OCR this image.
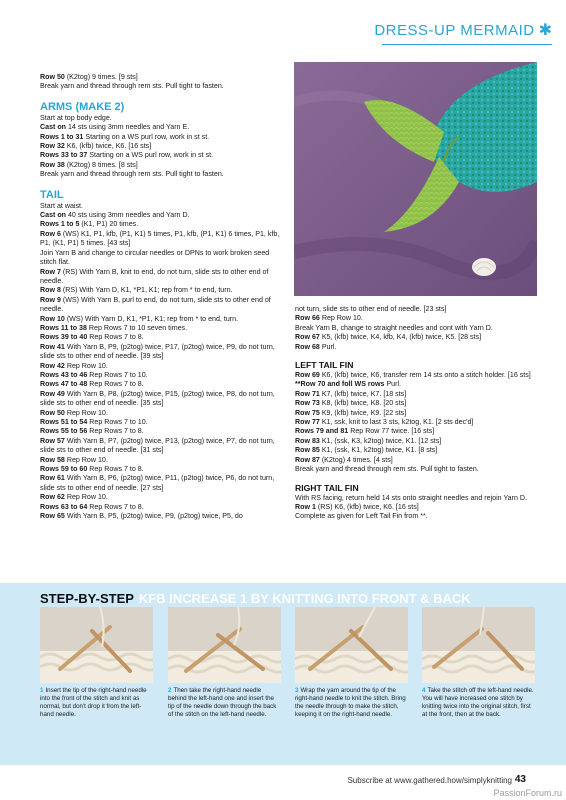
DRESS-UP MERMAID ✱

Row 50 (K2tog) 9 times. [9 sts]

Break yarn and thread through rem sts. Pull tight to fasten.

ARMS (MAKE 2)

Start at top body edge.

Cast on 14 sts using 3mm needles and Yarn E.

Rows 1 to 31 Starting on a WS purl row, work in st st.

Row 32 K6, (kfb) twice, K6. [16 sts]

Rows 33 to 37 Starting on a WS purl row, work in st st.

Row 38 (K2tog) 8 times. [8 sts]

Break yarn and thread through rem sts. Pull tight to fasten.

TAIL

Start at waist.

Cast on 40 sts using 3mm needles and Yarn D.

Rows 1 to 5 (K1, P1) 20 times.

Row 6 (WS) K1, P1, kfb, (P1, K1) 5 times, P1, kfb, (P1, K1) 6 times, P1, kfb, P1, (K1, P1) 5 times. [43 sts]

Join Yarn B and change to circular needles or DPNs to work broken seed stitch flat.

Row 7 (RS) With Yarn B, knit to end, do not turn, slide sts to other end of needle.

Row 8 (RS) With Yarn D, K1, *P1, K1; rep from * to end, turn.

Row 9 (WS) With Yarn B, purl to end, do not turn, slide sts to other end of needle.

Row 10 (WS) With Yarn D, K1, *P1, K1; rep from * to end, turn.

Rows 11 to 38 Rep Rows 7 to 10 seven times.

Rows 39 to 40 Rep Rows 7 to 8.

Row 41 With Yarn B, P9, (p2tog) twice, P17, (p2tog) twice, P9, do not turn, slide sts to other end of needle. [39 sts]

Row 42 Rep Row 10.

Rows 43 to 46 Rep Rows 7 to 10.

Rows 47 to 48 Rep Rows 7 to 8.

Row 49 With Yarn B, P8, (p2tog) twice, P15, (p2tog) twice, P8, do not turn, slide sts to other end of needle. [35 sts]

Row 50 Rep Row 10.

Rows 51 to 54 Rep Rows 7 to 10.

Rows 55 to 56 Rep Rows 7 to 8.

Row 57 With Yarn B, P7, (p2tog) twice, P13, (p2tog) twice, P7, do not turn, slide sts to other end of needle. [31 sts]

Row 58 Rep Row 10.

Rows 59 to 60 Rep Rows 7 to 8.

Row 61 With Yarn B, P6, (p2tog) twice, P11, (p2tog) twice, P6, do not turn, slide sts to other end of needle. [27 sts]

Row 62 Rep Row 10.

Rows 63 to 64 Rep Rows 7 to 8.

Row 65 With Yarn B, P5, (p2tog) twice, P9, (p2tog) twice, P5, do

not turn, slide sts to other end of needle. [23 sts]

Row 66 Rep Row 10.

Break Yarn B, change to straight needles and cont with Yarn D.

Row 67 K5, (kfb) twice, K4, kfb, K4, (kfb) twice, K5. [28 sts]

Row 68 Purl.

LEFT TAIL FIN

Row 69 K6, (kfb) twice, K6, transfer rem 14 sts onto a stitch holder. [16 sts]

**Row 70 and foll WS rows Purl.

Row 71 K7, (kfb) twice, K7. [18 sts]

Row 73 K8, (kfb) twice, K8. [20 sts]

Row 75 K9, (kfb) twice, K9. [22 sts]

Row 77 K1, ssk, knit to last 3 sts, k2tog, K1. [2 sts dec'd]

Rows 79 and 81 Rep Row 77 twice. [16 sts]

Row 83 K1, (ssk, K3, k2tog) twice, K1. [12 sts]

Row 85 K1, (ssk, K1, k2tog) twice, K1. [8 sts]

Row 87 (K2tog) 4 times. [4 sts]

Break yarn and thread through rem sts. Pull tight to fasten.

RIGHT TAIL FIN

With RS facing, return held 14 sts onto straight needles and rejoin Yarn D.

Row 1 (RS) K6, (kfb) twice, K6. [16 sts]

Complete as given for Left Tail Fin from **.

STEP-BY-STEP KFB INCREASE 1 BY KNITTING INTO FRONT & BACK
1 Insert the tip of the right-hand needle into the front of the stitch and knit as normal, but don't drop it from the left-hand needle.
2 Then take the right-hand needle behind the left-hand one and insert the tip of the needle down through the back of the stitch on the left-hand needle.
3 Wrap the yarn around the tip of the right-hand needle to knit the stitch. Bring the needle through to make the stitch, keeping it on the right-hand needle.
4 Take the stitch off the left-hand needle. You will have increased one stitch by knitting twice into the original stitch, first at the front, then at the back.
Subscribe at www.gathered.how/simplyknitting 43
PassionForum.ru
